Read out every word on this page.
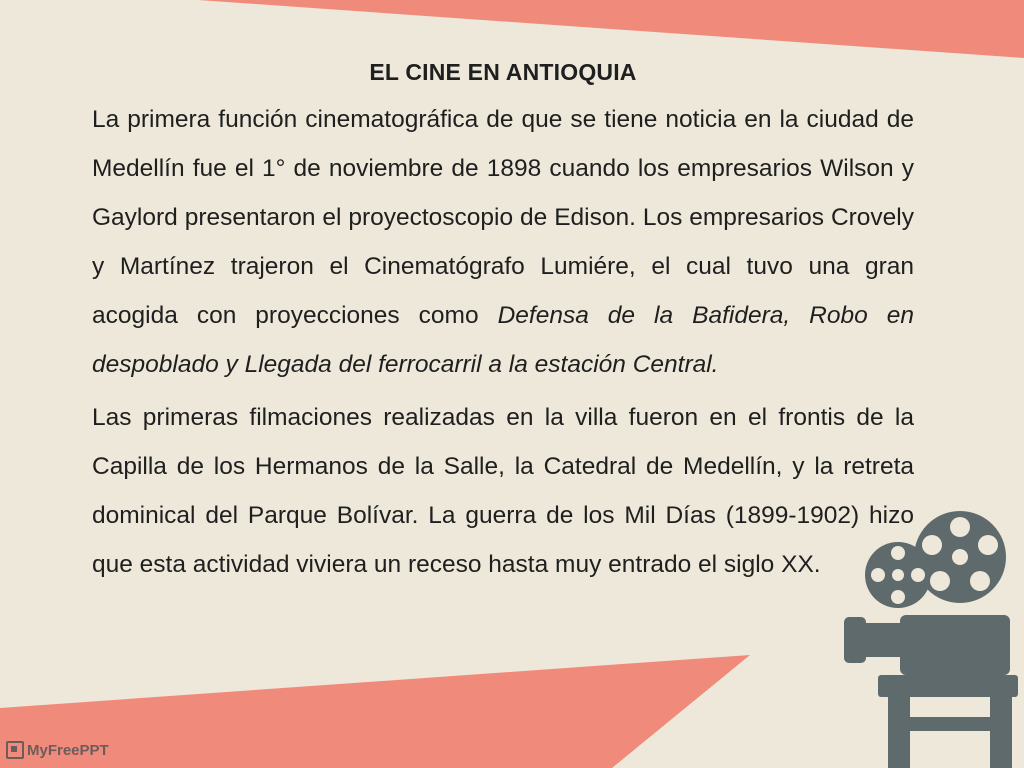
EL CINE EN ANTIOQUIA

La primera función cinematográfica de que se tiene noticia en la ciudad de Medellín fue el 1° de noviembre de 1898 cuando los empresarios Wilson y Gaylord presentaron el proyectoscopio de Edison. Los empresarios Crovely y Martínez trajeron el Cinematógrafo Lumiére, el cual tuvo una gran acogida con proyecciones como Defensa de la Bafidera, Robo en despoblado y Llegada del ferrocarril a la estación Central.

Las primeras filmaciones realizadas en la villa fueron en el frontis de la Capilla de los Hermanos de la Salle, la Catedral de Medellín, y la retreta dominical del Parque Bolívar. La guerra de los Mil Días (1899-1902) hizo que esta actividad viviera un receso hasta muy entrado el siglo XX.

MyFreePPT
